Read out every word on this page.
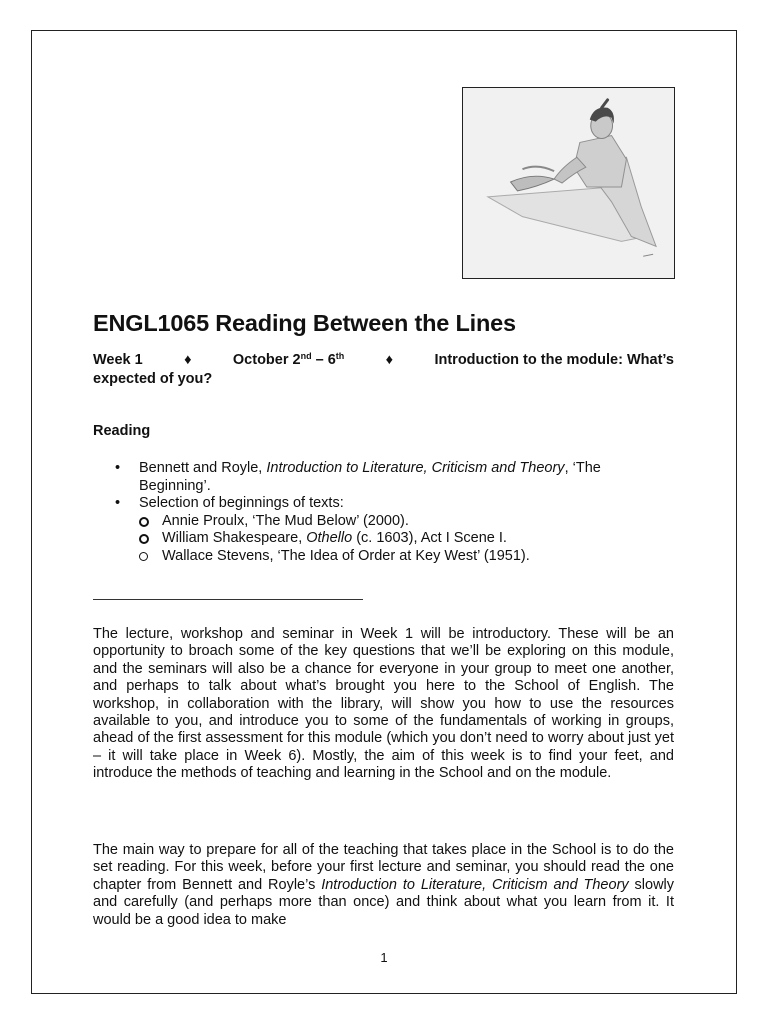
ENGL1065 Reading Between the Lines
Week 1	♦	October 2nd – 6th	♦	Introduction to the module: What’s
expected of you?
Reading
• Bennett and Royle, Introduction to Literature, Criticism and Theory, ‘The Beginning’.
• Selection of beginnings of texts:
Annie Proulx, ‘The Mud Below’ (2000).
William Shakespeare, Othello (c. 1603), Act I Scene I.
Wallace Stevens, ‘The Idea of Order at Key West’ (1951).

The lecture, workshop and seminar in Week 1 will be introductory. These will be an opportunity to broach some of the key questions that we’ll be exploring on this module, and the seminars will also be a chance for everyone in your group to meet one another, and perhaps to talk about what’s brought you here to the School of English. The workshop, in collaboration with the library, will show you how to use the resources available to you, and introduce you to some of the fundamentals of working in groups, ahead of the first assessment for this module (which you don’t need to worry about just yet – it will take place in Week 6). Mostly, the aim of this week is to find your feet, and introduce the methods of teaching and learning in the School and on the module.

The main way to prepare for all of the teaching that takes place in the School is to do the set reading. For this week, before your first lecture and seminar, you should read the one chapter from Bennett and Royle’s Introduction to Literature, Criticism and Theory slowly and carefully (and perhaps more than once) and think about what you learn from it. It would be a good idea to make

1
